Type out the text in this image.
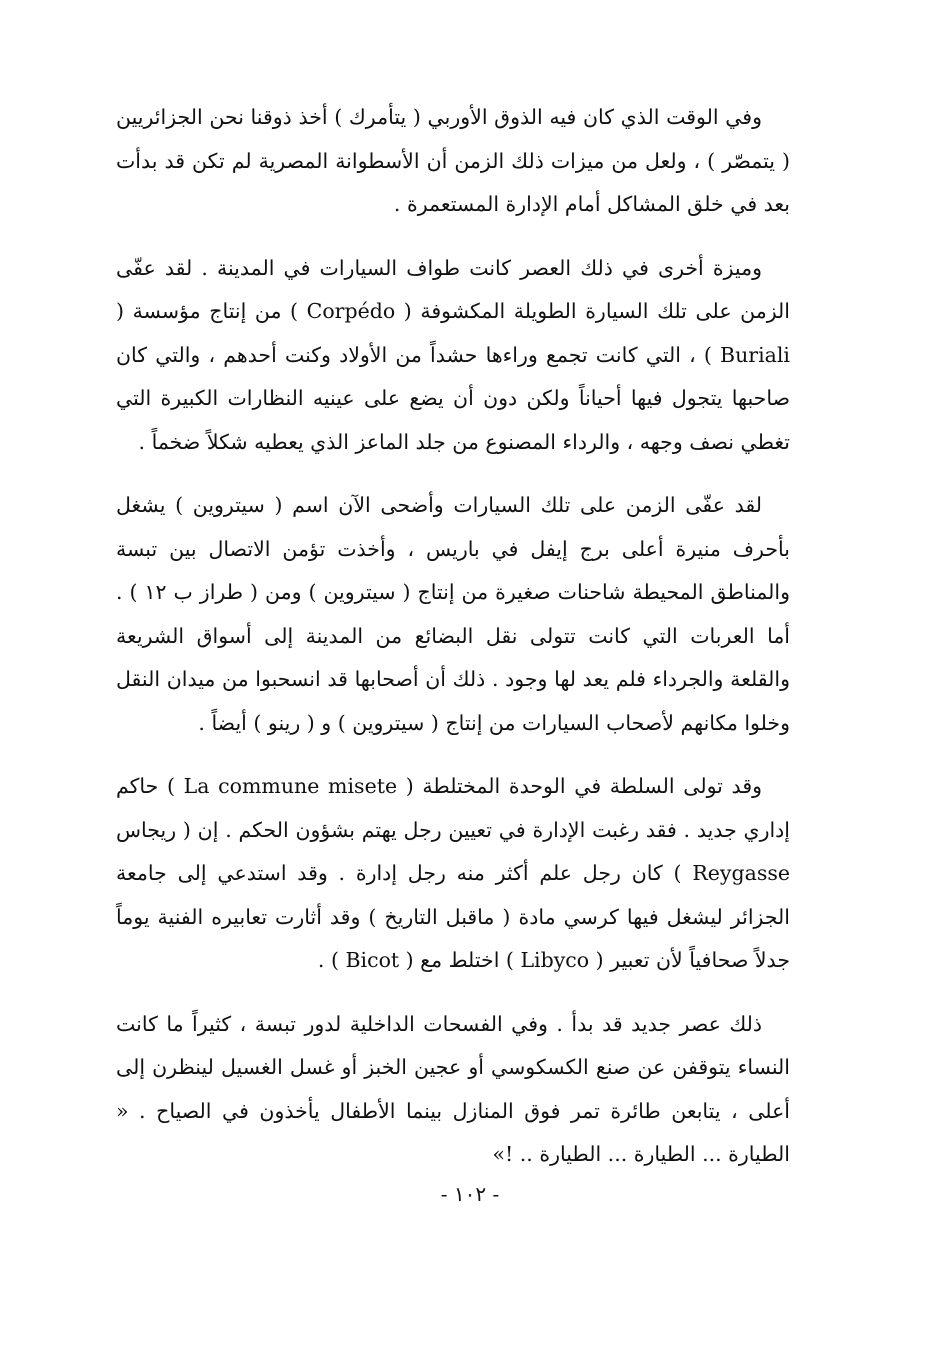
وفي الوقت الذي كان فيه الذوق الأوربي ( يتأمرك ) أخذ ذوقنا نحن الجزائريين ( يتمصّر ) ، ولعل من ميزات ذلك الزمن أن الأسطوانة المصرية لم تكن قد بدأت بعد في خلق المشاكل أمام الإدارة المستعمرة .

وميزة أخرى في ذلك العصر كانت طواف السيارات في المدينة . لقد عفّى الزمن على تلك السيارة الطويلة المكشوفة ( Corpédo ) من إنتاج مؤسسة ( Buriali ) ، التي كانت تجمع وراءها حشداً من الأولاد وكنت أحدهم ، والتي كان صاحبها يتجول فيها أحياناً ولكن دون أن يضع على عينيه النظارات الكبيرة التي تغطي نصف وجهه ، والرداء المصنوع من جلد الماعز الذي يعطيه شكلاً ضخماً .

لقد عفّى الزمن على تلك السيارات وأضحى الآن اسم ( سيتروين ) يشغل بأحرف منيرة أعلى برج إيفل في باريس ، وأخذت تؤمن الاتصال بين تبسة والمناطق المحيطة شاحنات صغيرة من إنتاج ( سيتروين ) ومن ( طراز ب ١٢ ) . أما العربات التي كانت تتولى نقل البضائع من المدينة إلى أسواق الشريعة والقلعة والجرداء فلم يعد لها وجود . ذلك أن أصحابها قد انسحبوا من ميدان النقل وخلوا مكانهم لأصحاب السيارات من إنتاج ( سيتروين ) و ( رينو ) أيضاً .

وقد تولى السلطة في الوحدة المختلطة ( La commune misete ) حاكم إداري جديد . فقد رغبت الإدارة في تعيين رجل يهتم بشؤون الحكم . إن ( ريجاس Reygasse ) كان رجل علم أكثر منه رجل إدارة . وقد استدعي إلى جامعة الجزائر ليشغل فيها كرسي مادة ( ماقبل التاريخ ) وقد أثارت تعابيره الفنية يوماً جدلاً صحافياً لأن تعبير ( Libyco ) اختلط مع ( Bicot ) .

ذلك عصر جديد قد بدأ . وفي الفسحات الداخلية لدور تبسة ، كثيراً ما كانت النساء يتوقفن عن صنع الكسكوسي أو عجين الخبز أو غسل الغسيل لينظرن إلى أعلى ، يتابعن طائرة تمر فوق المنازل بينما الأطفال يأخذون في الصياح . « الطيارة ... الطيارة ... الطيارة .. !»

- ١٠٢ -
